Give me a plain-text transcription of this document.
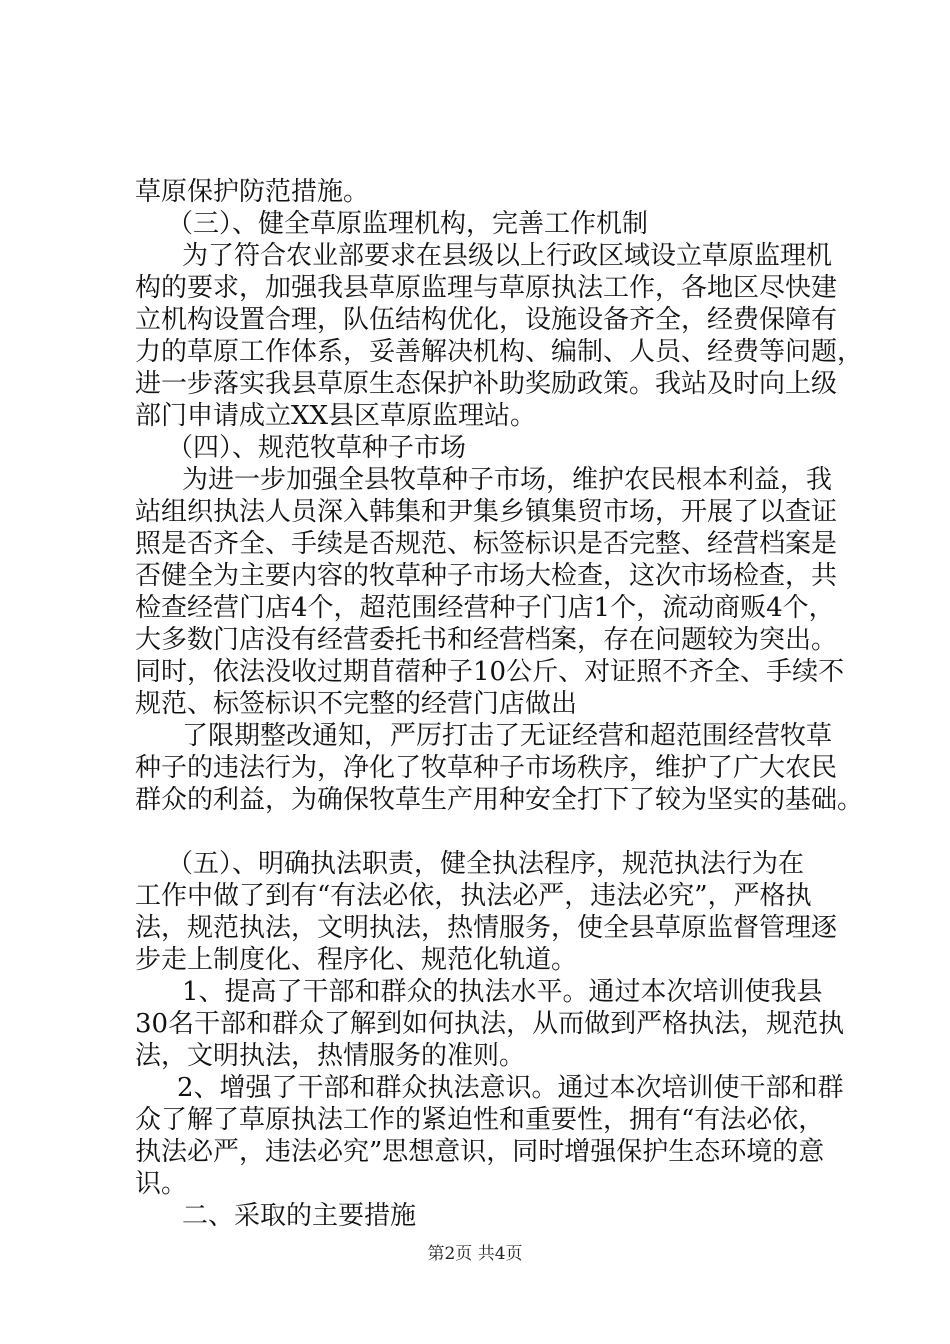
草原保护防范措施。
（三）、健全草原监理机构，完善工作机制
为了符合农业部要求在县级以上行政区域设立草原监理机
构的要求，加强我县草原监理与草原执法工作，各地区尽快建
立机构设置合理，队伍结构优化，设施设备齐全，经费保障有
力的草原工作体系，妥善解决机构、编制、人员、经费等问题，
进一步落实我县草原生态保护补助奖励政策。我站及时向上级
部门申请成立XX县区草原监理站。
（四）、规范牧草种子市场
为进一步加强全县牧草种子市场，维护农民根本利益，我
站组织执法人员深入韩集和尹集乡镇集贸市场，开展了以查证
照是否齐全、手续是否规范、标签标识是否完整、经营档案是
否健全为主要内容的牧草种子市场大检查，这次市场检查，共
检查经营门店4个，超范围经营种子门店1个，流动商贩4个，
大多数门店没有经营委托书和经营档案，存在问题较为突出。
同时，依法没收过期苜蓿种子10公斤、对证照不齐全、手续不
规范、标签标识不完整的经营门店做出
了限期整改通知，严厉打击了无证经营和超范围经营牧草
种子的违法行为，净化了牧草种子市场秩序，维护了广大农民
群众的利益，为确保牧草生产用种安全打下了较为坚实的基础。
（五）、明确执法职责，健全执法程序，规范执法行为在
工作中做了到有“有法必依，执法必严，违法必究”，严格执
法，规范执法，文明执法，热情服务，使全县草原监督管理逐
步走上制度化、程序化、规范化轨道。
1、提高了干部和群众的执法水平。通过本次培训使我县
30名干部和群众了解到如何执法，从而做到严格执法，规范执
法，文明执法，热情服务的准则。
2、增强了干部和群众执法意识。通过本次培训使干部和群
众了解了草原执法工作的紧迫性和重要性，拥有“有法必依，
执法必严，违法必究”思想意识，同时增强保护生态环境的意
识。
二、采取的主要措施
第2页 共4页
